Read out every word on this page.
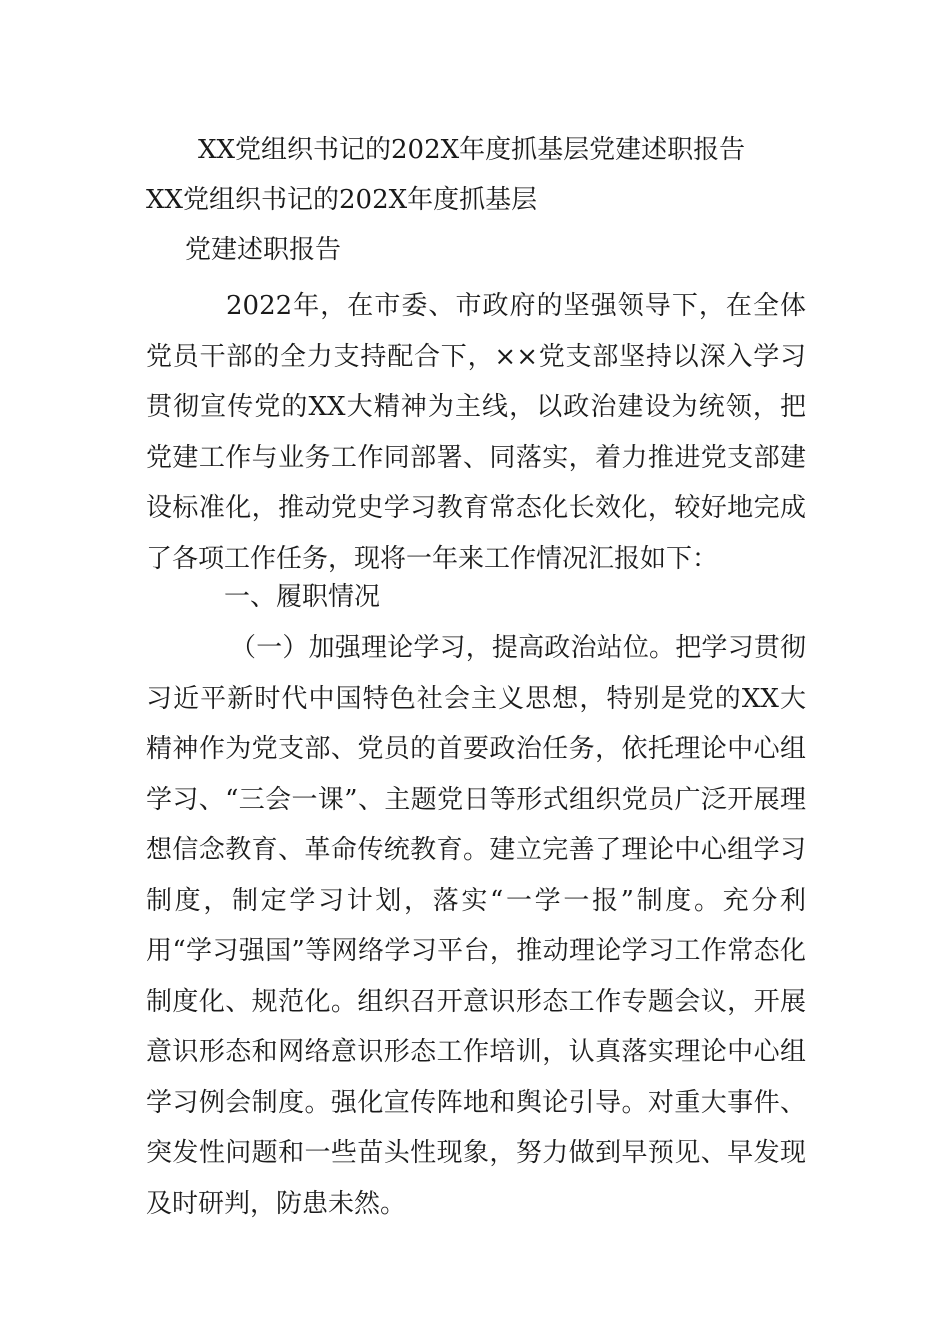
XX党组织书记的202X年度抓基层党建述职报告
XX党组织书记的202X年度抓基层
党建述职报告
2022年，在市委、市政府的坚强领导下，在全体党员干部的全力支持配合下，××党支部坚持以深入学习贯彻宣传党的XX大精神为主线，以政治建设为统领，把党建工作与业务工作同部署、同落实，着力推进党支部建设标准化，推动党史学习教育常态化长效化，较好地完成了各项工作任务，现将一年来工作情况汇报如下：
一、履职情况
（一）加强理论学习，提高政治站位。把学习贯彻习近平新时代中国特色社会主义思想，特别是党的XX大精神作为党支部、党员的首要政治任务，依托理论中心组学习、“三会一课”、主题党日等形式组织党员广泛开展理想信念教育、革命传统教育。建立完善了理论中心组学习制度，制定学习计划，落实“一学一报”制度。充分利用“学习强国”等网络学习平台，推动理论学习工作常态化制度化、规范化。组织召开意识形态工作专题会议，开展意识形态和网络意识形态工作培训，认真落实理论中心组学习例会制度。强化宣传阵地和舆论引导。对重大事件、突发性问题和一些苗头性现象，努力做到早预见、早发现及时研判，防患未然。
